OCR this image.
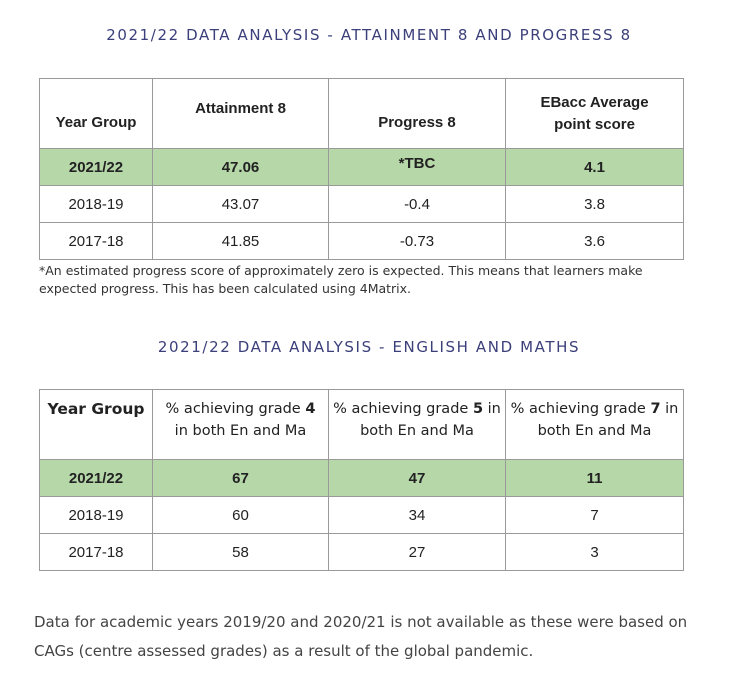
2021/22 DATA ANALYSIS - ATTAINMENT 8 AND PROGRESS 8
Year Group	Attainment 8	Progress 8	EBacc Average point score
2021/22	47.06	*TBC	4.1
2018-19	43.07	-0.4	3.8
2017-18	41.85	-0.73	3.6

*An estimated progress score of approximately zero is expected. This means that learners make expected progress. This has been calculated using 4Matrix.

2021/22 DATA ANALYSIS - ENGLISH AND MATHS
Year Group	% achieving grade 4 in both En and Ma	% achieving grade 5 in both En and Ma	% achieving grade 7 in both En and Ma
2021/22	67	47	11
2018-19	60	34	7
2017-18	58	27	3

Data for academic years 2019/20 and 2020/21 is not available as these were based on CAGs (centre assessed grades) as a result of the global pandemic.
